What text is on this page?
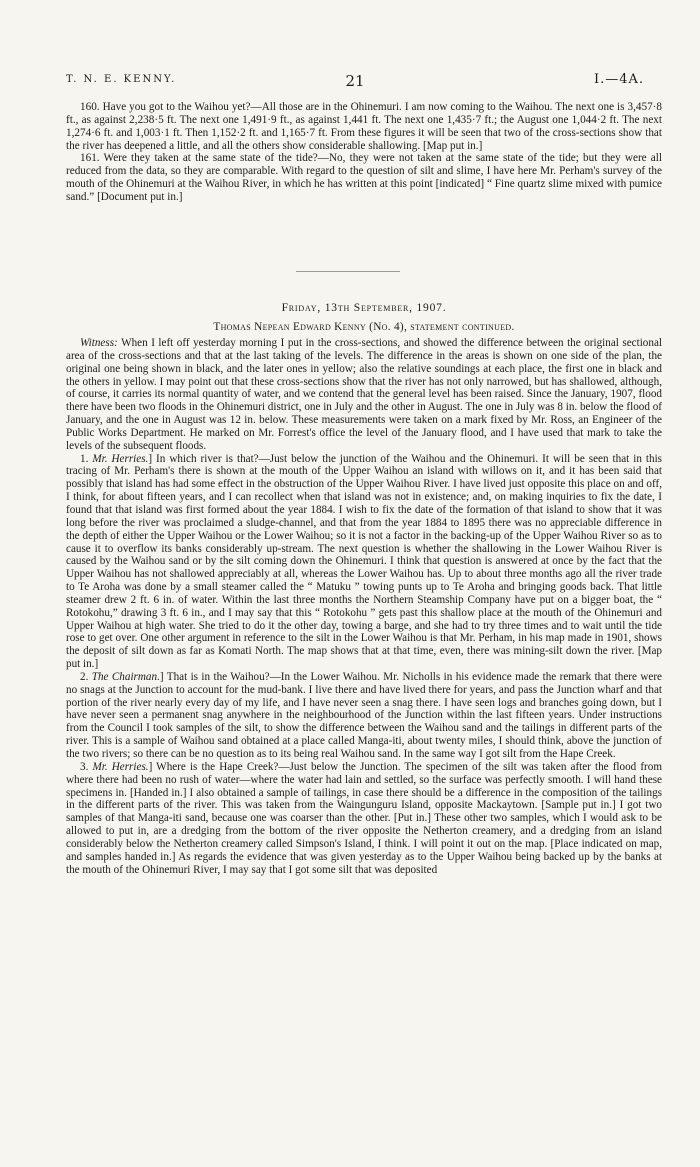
T. N. E. KENNY.	21	I.—4A.

160. Have you got to the Waihou yet?—All those are in the Ohinemuri. I am now coming to the Waihou. The next one is 3,457·8 ft., as against 2,238·5 ft. The next one 1,491·9 ft., as against 1,441 ft. The next one 1,435·7 ft.; the August one 1,044·2 ft. The next 1,274·6 ft. and 1,003·1 ft. Then 1,152·2 ft. and 1,165·7 ft. From these figures it will be seen that two of the cross-sections show that the river has deepened a little, and all the others show considerable shallowing. [Map put in.]

161. Were they taken at the same state of the tide?—No, they were not taken at the same state of the tide; but they were all reduced from the data, so they are comparable. With regard to the question of silt and slime, I have here Mr. Perham's survey of the mouth of the Ohinemuri at the Waihou River, in which he has written at this point [indicated] “ Fine quartz slime mixed with pumice sand.” [Document put in.]

Friday, 13th September, 1907.
Thomas Nepean Edward Kenny (No. 4), statement continued.

Witness: When I left off yesterday morning I put in the cross-sections, and showed the difference between the original sectional area of the cross-sections and that at the last taking of the levels. The difference in the areas is shown on one side of the plan, the original one being shown in black, and the later ones in yellow; also the relative soundings at each place, the first one in black and the others in yellow. I may point out that these cross-sections show that the river has not only narrowed, but has shallowed, although, of course, it carries its normal quantity of water, and we contend that the general level has been raised. Since the January, 1907, flood there have been two floods in the Ohinemuri district, one in July and the other in August. The one in July was 8 in. below the flood of January, and the one in August was 12 in. below. These measurements were taken on a mark fixed by Mr. Ross, an Engineer of the Public Works Department. He marked on Mr. Forrest's office the level of the January flood, and I have used that mark to take the levels of the subsequent floods.

1. Mr. Herries.] In which river is that?—Just below the junction of the Waihou and the Ohinemuri. It will be seen that in this tracing of Mr. Perham's there is shown at the mouth of the Upper Waihou an island with willows on it, and it has been said that possibly that island has had some effect in the obstruction of the Upper Waihou River. I have lived just opposite this place on and off, I think, for about fifteen years, and I can recollect when that island was not in existence; and, on making inquiries to fix the date, I found that that island was first formed about the year 1884. I wish to fix the date of the formation of that island to show that it was long before the river was proclaimed a sludge-channel, and that from the year 1884 to 1895 there was no appreciable difference in the depth of either the Upper Waihou or the Lower Waihou; so it is not a factor in the backing-up of the Upper Waihou River so as to cause it to overflow its banks considerably up-stream. The next question is whether the shallowing in the Lower Waihou River is caused by the Waihou sand or by the silt coming down the Ohinemuri. I think that question is answered at once by the fact that the Upper Waihou has not shallowed appreciably at all, whereas the Lower Waihou has. Up to about three months ago all the river trade to Te Aroha was done by a small steamer called the “ Matuku ” towing punts up to Te Aroha and bringing goods back. That little steamer drew 2 ft. 6 in. of water. Within the last three months the Northern Steamship Company have put on a bigger boat, the “ Rotokohu,” drawing 3 ft. 6 in., and I may say that this “ Rotokohu ” gets past this shallow place at the mouth of the Ohinemuri and Upper Waihou at high water. She tried to do it the other day, towing a barge, and she had to try three times and to wait until the tide rose to get over. One other argument in reference to the silt in the Lower Waihou is that Mr. Perham, in his map made in 1901, shows the deposit of silt down as far as Komati North. The map shows that at that time, even, there was mining-silt down the river. [Map put in.]

2. The Chairman.] That is in the Waihou?—In the Lower Waihou. Mr. Nicholls in his evidence made the remark that there were no snags at the Junction to account for the mud-bank. I live there and have lived there for years, and pass the Junction wharf and that portion of the river nearly every day of my life, and I have never seen a snag there. I have seen logs and branches going down, but I have never seen a permanent snag anywhere in the neighbourhood of the Junction within the last fifteen years. Under instructions from the Council I took samples of the silt, to show the difference between the Waihou sand and the tailings in different parts of the river. This is a sample of Waihou sand obtained at a place called Manga-iti, about twenty miles, I should think, above the junction of the two rivers; so there can be no question as to its being real Waihou sand. In the same way I got silt from the Hape Creek.

3. Mr. Herries.] Where is the Hape Creek?—Just below the Junction. The specimen of the silt was taken after the flood from where there had been no rush of water—where the water had lain and settled, so the surface was perfectly smooth. I will hand these specimens in. [Handed in.] I also obtained a sample of tailings, in case there should be a difference in the composition of the tailings in the different parts of the river. This was taken from the Waingunguru Island, opposite Mackaytown. [Sample put in.] I got two samples of that Manga-iti sand, because one was coarser than the other. [Put in.] These other two samples, which I would ask to be allowed to put in, are a dredging from the bottom of the river opposite the Netherton creamery, and a dredging from an island considerably below the Netherton creamery called Simpson's Island, I think. I will point it out on the map. [Place indicated on map, and samples handed in.] As regards the evidence that was given yesterday as to the Upper Waihou being backed up by the banks at the mouth of the Ohinemuri River, I may say that I got some silt that was deposited
